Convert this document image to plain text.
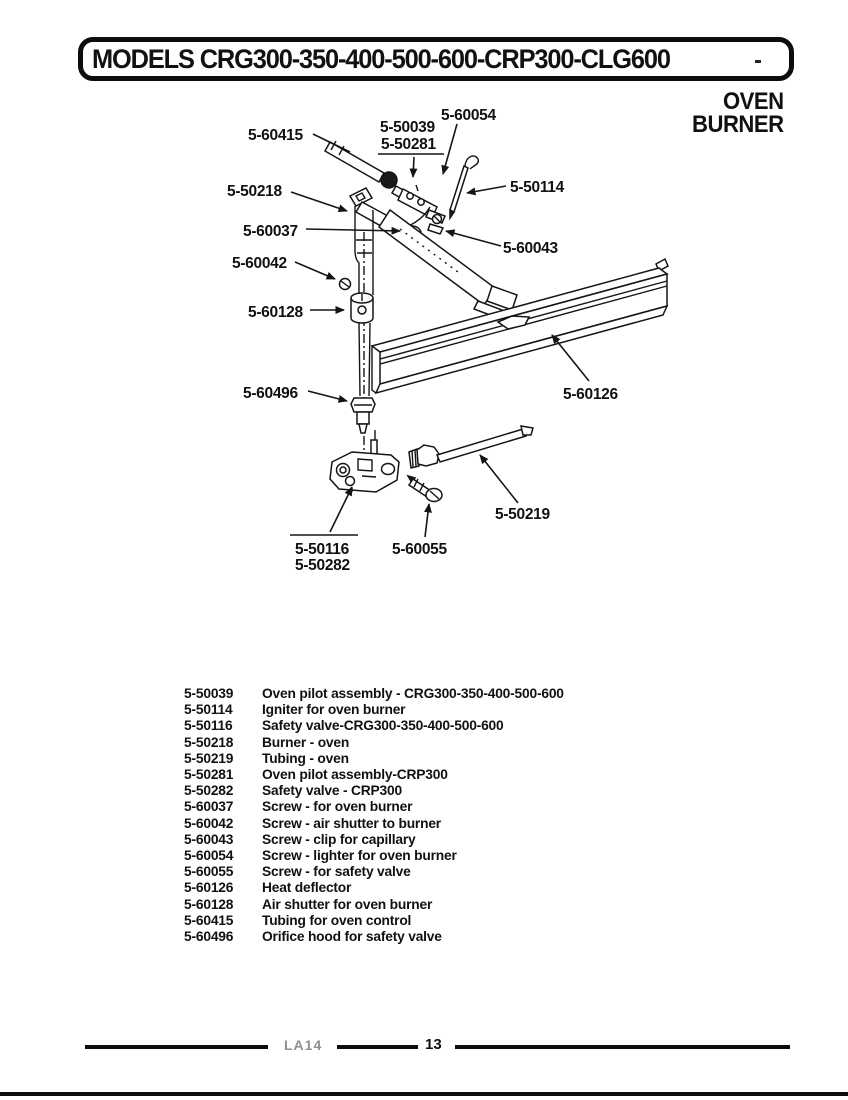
MODELS CRG300-350-400-500-600-CRP300-CLG600
OVEN
BURNER
5-60415	5-50039
5-50281
5-60054
5-50114
5-50218
5-60037
5-60042
5-60043
5-60128
5-60496	5-60126
5-50219
5-60055
5-50116
5-50282
5-50039	Oven pilot assembly - CRG300-350-400-500-600
5-50114	Igniter for oven burner
5-50116	Safety valve-CRG300-350-400-500-600
5-50218	Burner - oven
5-50219	Tubing - oven
5-50281	Oven pilot assembly-CRP300
5-50282	Safety valve - CRP300
5-60037	Screw - for oven burner
5-60042	Screw - air shutter to burner
5-60043	Screw - clip for capillary
5-60054	Screw - lighter for oven burner
5-60055	Screw - for safety valve
5-60126	Heat deflector
5-60128	Air shutter for oven burner
5-60415	Tubing for oven control
5-60496	Orifice hood for safety valve
LA14	13
